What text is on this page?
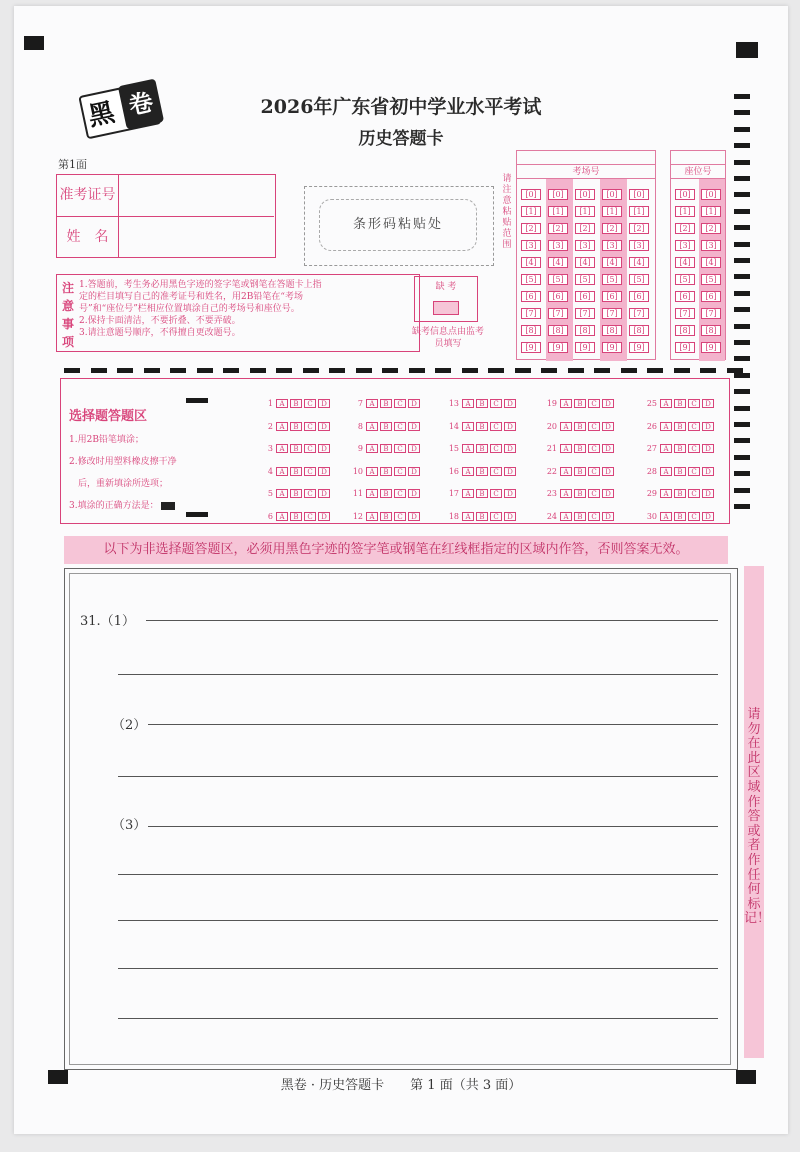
黑 卷	2026年广东省初中学业水平考试
历史答题卡
第1面
准考证号
姓　名
条形码粘贴处
请注意粘贴范围
考场号
[0]
[1]
[2]
[3]
[4]
[5]
[6]
[7]
[8]
[9]
[0]
[1]
[2]
[3]
[4]
[5]
[6]
[7]
[8]
[9]
[0]
[1]
[2]
[3]
[4]
[5]
[6]
[7]
[8]
[9]
[0]
[1]
[2]
[3]
[4]
[5]
[6]
[7]
[8]
[9]
[0]
[1]
[2]
[3]
[4]
[5]
[6]
[7]
[8]
[9]
座位号
[0]
[1]
[2]
[3]
[4]
[5]
[6]
[7]
[8]
[9]
[0]
[1]
[2]
[3]
[4]
[5]
[6]
[7]
[8]
[9]
注
意
事
项
1.答题前，考生务必用黑色字迹的签字笔或钢笔在答题卡上指
定的栏目填写自己的准考证号和姓名，用2B铅笔在“考场
号”和“座位号”栏相应位置填涂自己的考场号和座位号。
2.保持卡面清洁，不要折叠、不要弄破。
3.请注意题号顺序，不得擅自更改题号。
缺 考
缺考信息点由监考员填写
选择题答题区
1.用2B铅笔填涂；
2.修改时用塑料橡皮擦干净
　后，重新填涂所选项；
3.填涂的正确方法是：
1 A B C D
2 A B C D
3 A B C D
4 A B C D
5 A B C D
6 A B C D
7 A B C D
8 A B C D
9 A B C D
10 A B C D
11 A B C D
12 A B C D
13 A B C D
14 A B C D
15 A B C D
16 A B C D
17 A B C D
18 A B C D
19 A B C D
20 A B C D
21 A B C D
22 A B C D
23 A B C D
24 A B C D
25 A B C D
26 A B C D
27 A B C D
28 A B C D
29 A B C D
30 A B C D
以下为非选择题答题区，必须用黑色字迹的签字笔或钢笔在红线框指定的区域内作答，否则答案无效。
31.（1）
（2）
（3）
请勿在此区域作答或者作任何标记！
黑卷 · 历史答题卡　　第 1 面（共 3 面）
